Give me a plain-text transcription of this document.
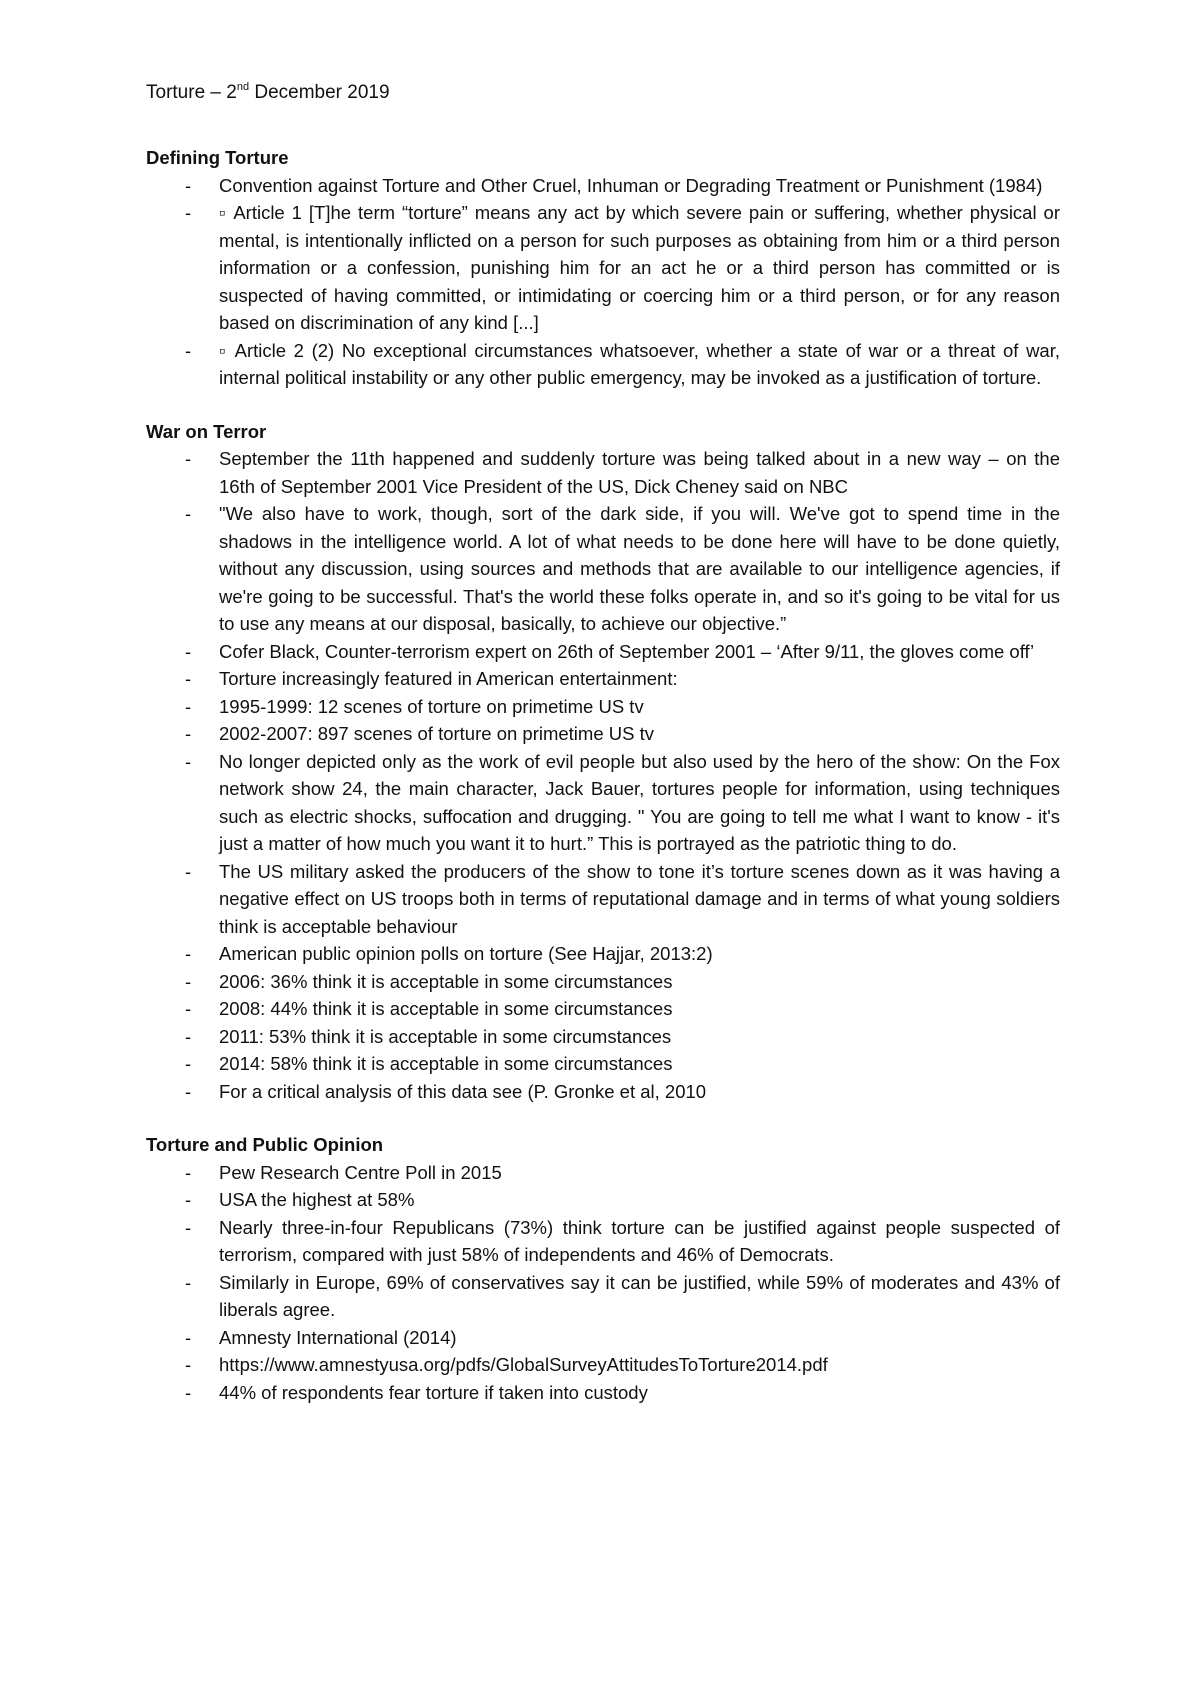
Torture – 2nd December 2019

Defining Torture

- Convention against Torture and Other Cruel, Inhuman or Degrading Treatment or Punishment (1984)
- ▫ Article 1 [T]he term “torture” means any act by which severe pain or suffering, whether physical or mental, is intentionally inflicted on a person for such purposes as obtaining from him or a third person information or a confession, punishing him for an act he or a third person has committed or is suspected of having committed, or intimidating or coercing him or a third person, or for any reason based on discrimination of any kind [...]
- ▫ Article 2 (2) No exceptional circumstances whatsoever, whether a state of war or a threat of war, internal political instability or any other public emergency, may be invoked as a justification of torture.

War on Terror

- September the 11th happened and suddenly torture was being talked about in a new way – on the 16th of September 2001 Vice President of the US, Dick Cheney said on NBC
- "We also have to work, though, sort of the dark side, if you will. We've got to spend time in the shadows in the intelligence world. A lot of what needs to be done here will have to be done quietly, without any discussion, using sources and methods that are available to our intelligence agencies, if we're going to be successful. That's the world these folks operate in, and so it's going to be vital for us to use any means at our disposal, basically, to achieve our objective.”
- Cofer Black, Counter-terrorism expert on 26th of September 2001 – ‘After 9/11, the gloves come off’
- Torture increasingly featured in American entertainment:
- 1995-1999: 12 scenes of torture on primetime US tv
- 2002-2007: 897 scenes of torture on primetime US tv
- No longer depicted only as the work of evil people but also used by the hero of the show: On the Fox network show 24, the main character, Jack Bauer, tortures people for information, using techniques such as electric shocks, suffocation and drugging. " You are going to tell me what I want to know - it's just a matter of how much you want it to hurt.” This is portrayed as the patriotic thing to do.
- The US military asked the producers of the show to tone it’s torture scenes down as it was having a negative effect on US troops both in terms of reputational damage and in terms of what young soldiers think is acceptable behaviour
- American public opinion polls on torture (See Hajjar, 2013:2)
- 2006: 36% think it is acceptable in some circumstances
- 2008: 44% think it is acceptable in some circumstances
- 2011: 53% think it is acceptable in some circumstances
- 2014: 58% think it is acceptable in some circumstances
- For a critical analysis of this data see (P. Gronke et al, 2010

Torture and Public Opinion

- Pew Research Centre Poll in 2015
- USA the highest at 58%
- Nearly three-in-four Republicans (73%) think torture can be justified against people suspected of terrorism, compared with just 58% of independents and 46% of Democrats.
- Similarly in Europe, 69% of conservatives say it can be justified, while 59% of moderates and 43% of liberals agree.
- Amnesty International (2014)
- https://www.amnestyusa.org/pdfs/GlobalSurveyAttitudesToTorture2014.pdf
- 44% of respondents fear torture if taken into custody
